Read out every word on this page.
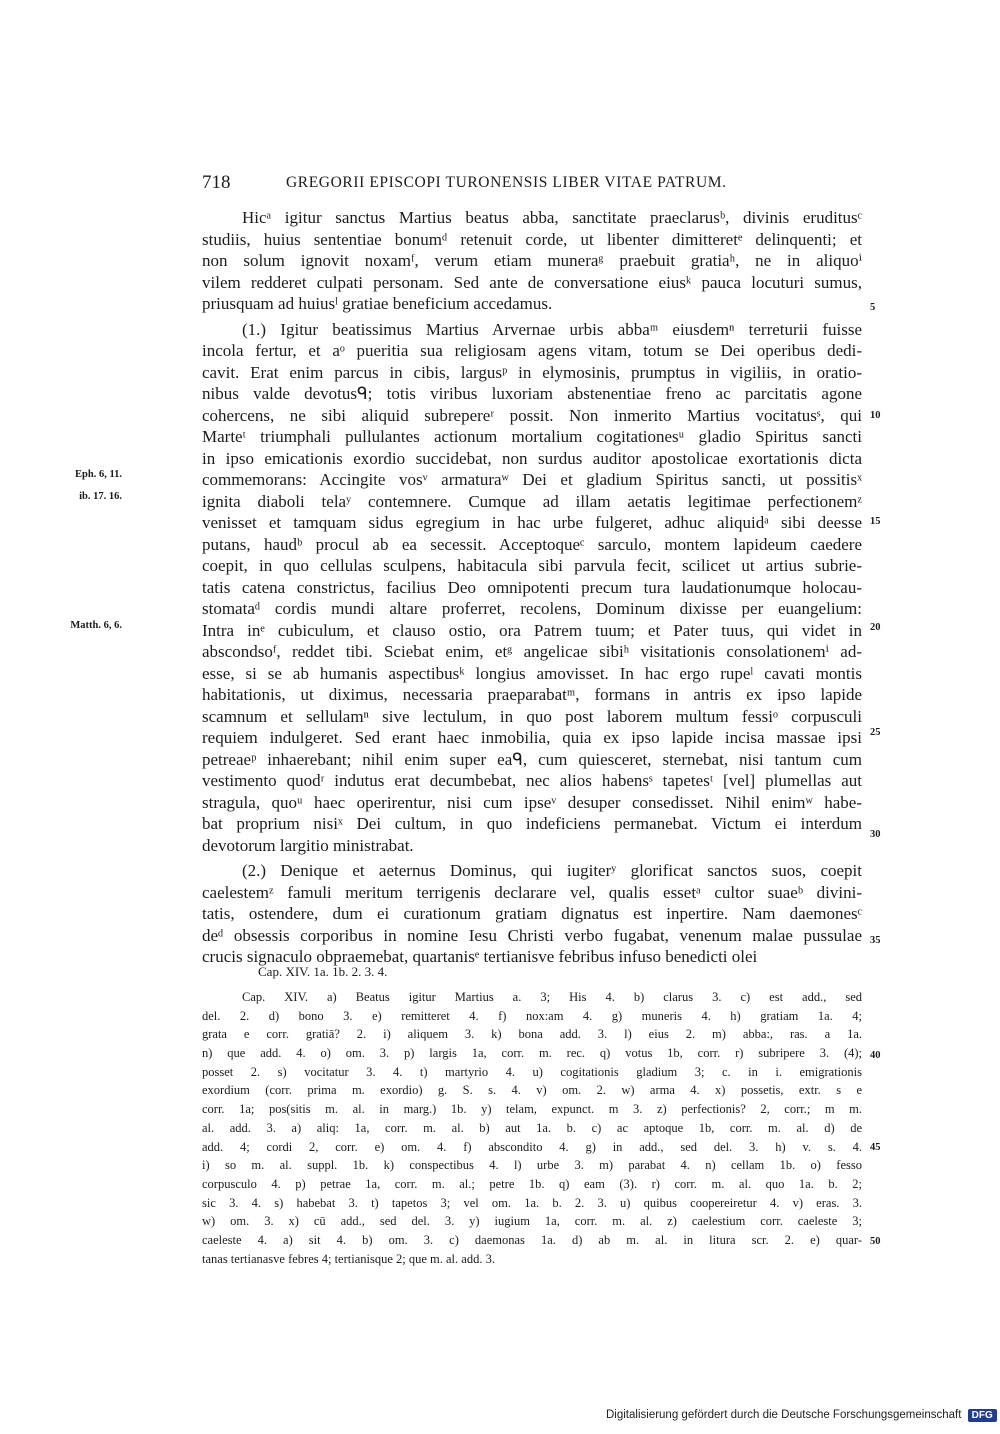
718	GREGORII EPISCOPI TURONENSIS LIBER VITAE PATRUM.
Hicᵃ igitur sanctus Martius beatus abba, sanctitate praeclarusᵇ, divinis eruditusᶜ
studiis, huius sententiae bonumᵈ retenuit corde, ut libenter dimitteretᵉ delinquenti; et
non solum ignovit noxamᶠ, verum etiam muneraᵍ praebuit gratiaʰ, ne in aliquoⁱ
vilem redderet culpati personam. Sed ante de conversatione eiusᵏ pauca locuturi sumus,
priusquam ad huiusˡ gratiae beneficium accedamus.
(1.) Igitur beatissimus Martius Arvernae urbis abbaᵐ eiusdemⁿ terreturii fuisse
incola fertur, et aᵒ pueritia sua religiosam agens vitam, totum se Dei operibus dedi-
cavit. Erat enim parcus in cibis, largusᵖ in elymosinis, prumptus in vigiliis, in oratio-
nibus valde devotusᑫ; totis viribus luxoriam abstenentiae freno ac parcitatis agone
cohercens, ne sibi aliquid subrepereʳ possit. Non inmerito Martius vocitatusˢ, qui
Marteᵗ triumphali pullulantes actionum mortalium cogitationesᵘ gladio Spiritus sancti
in ipso emicationis exordio succidebat, non surdus auditor apostolicae exortationis dicta
commemorans: Accingite vosᵛ armaturaʷ Dei et gladium Spiritus sancti, ut possitisˣ
ignita diaboli telaʸ contemnere. Cumque ad illam aetatis legitimae perfectionemᶻ
venisset et tamquam sidus egregium in hac urbe fulgeret, adhuc aliquidᵃ sibi deesse
putans, haudᵇ procul ab ea secessit. Acceptoqueᶜ sarculo, montem lapideum caedere
coepit, in quo cellulas sculpens, habitacula sibi parvula fecit, scilicet ut artius subrie-
tatis catena constrictus, facilius Deo omnipotenti precum tura laudationumque holocau-
stomataᵈ cordis mundi altare proferret, recolens, Dominum dixisse per euangelium:
Intra inᵉ cubiculum, et clauso ostio, ora Patrem tuum; et Pater tuus, qui videt in
abscondsoᶠ, reddet tibi. Sciebat enim, etᵍ angelicae sibiʰ visitationis consolationemⁱ ad-
esse, si se ab humanis aspectibusᵏ longius amovisset. In hac ergo rupeˡ cavati montis
habitationis, ut diximus, necessaria praeparabatᵐ, formans in antris ex ipso lapide
scamnum et sellulamⁿ sive lectulum, in quo post laborem multum fessiᵒ corpusculi
requiem indulgeret. Sed erant haec inmobilia, quia ex ipso lapide incisa massae ipsi
petreaeᵖ inhaerebant; nihil enim super eaᑫ, cum quiesceret, sternebat, nisi tantum cum
vestimento quodʳ indutus erat decumbebat, nec alios habensˢ tapetesᵗ [vel] plumellas aut
stragula, quoᵘ haec operirentur, nisi cum ipseᵛ desuper consedisset. Nihil enimʷ habe-
bat proprium nisiˣ Dei cultum, in quo indeficiens permanebat. Victum ei interdum
devotorum largitio ministrabat.
(2.) Denique et aeternus Dominus, qui iugiterʸ glorificat sanctos suos, coepit
caelestemᶻ famuli meritum terrigenis declarare vel, qualis essetᵃ cultor suaeᵇ divini-
tatis, ostendere, dum ei curationum gratiam dignatus est inpertire. Nam daemonesᶜ
deᵈ obsessis corporibus in nomine Iesu Christi verbo fugabat, venenum malae pussulae
crucis signaculo obpraemebat, quartanisᵉ tertianisve febribus infuso benedicti olei
Eph. 6, 11.
ib. 17. 16.
Matth. 6, 6.
5
10
15
20
25
30
35
Cap. XIV. 1a. 1b. 2. 3. 4.
Cap. XIV. a) Beatus igitur Martius a. 3; His 4. b) clarus 3. c) est add., sed
del. 2. d) bono 3. e) remitteret 4. f) nox:am 4. g) muneris 4. h) gratiam 1a. 4;
grata e corr. gratiā? 2. i) aliquem 3. k) bona add. 3. l) eius 2. m) abba:, ras. a 1a.
n) que add. 4. o) om. 3. p) largis 1a, corr. m. rec. q) votus 1b, corr. r) subripere 3. (4);
posset 2. s) vocitatur 3. 4. t) martyrio 4. u) cogitationis gladium 3; c. in i. emigrationis
exordium (corr. prima m. exordio) g. S. s. 4. v) om. 2. w) arma 4. x) possetis, extr. s e
corr. 1a; pos(sitis m. al. in marg.) 1b. y) telam, expunct. m 3. z) perfectionis? 2, corr.; m m.
al. add. 3. a) aliq: 1a, corr. m. al. b) aut 1a. b. c) ac aptoque 1b, corr. m. al. d) de
add. 4; cordi 2, corr. e) om. 4. f) abscondito 4. g) in add., sed del. 3. h) v. s. 4.
i) so m. al. suppl. 1b. k) conspectibus 4. l) urbe 3. m) parabat 4. n) cellam 1b. o) fesso
corpusculo 4. p) petrae 1a, corr. m. al.; petre 1b. q) eam (3). r) corr. m. al. quo 1a. b. 2;
sic 3. 4. s) habebat 3. t) tapetos 3; vel om. 1a. b. 2. 3. u) quibus coopereiretur 4. v) eras. 3.
w) om. 3. x) cū add., sed del. 3. y) iugium 1a, corr. m. al. z) caelestium corr. caeleste 3;
caeleste 4. a) sit 4. b) om. 3. c) daemonas 1a. d) ab m. al. in litura scr. 2. e) quar-
tanas tertianasve febres 4; tertianisque 2; que m. al. add. 3.
40
45
50
Digitalisierung gefördert durch die Deutsche Forschungsgemeinschaft DFG
